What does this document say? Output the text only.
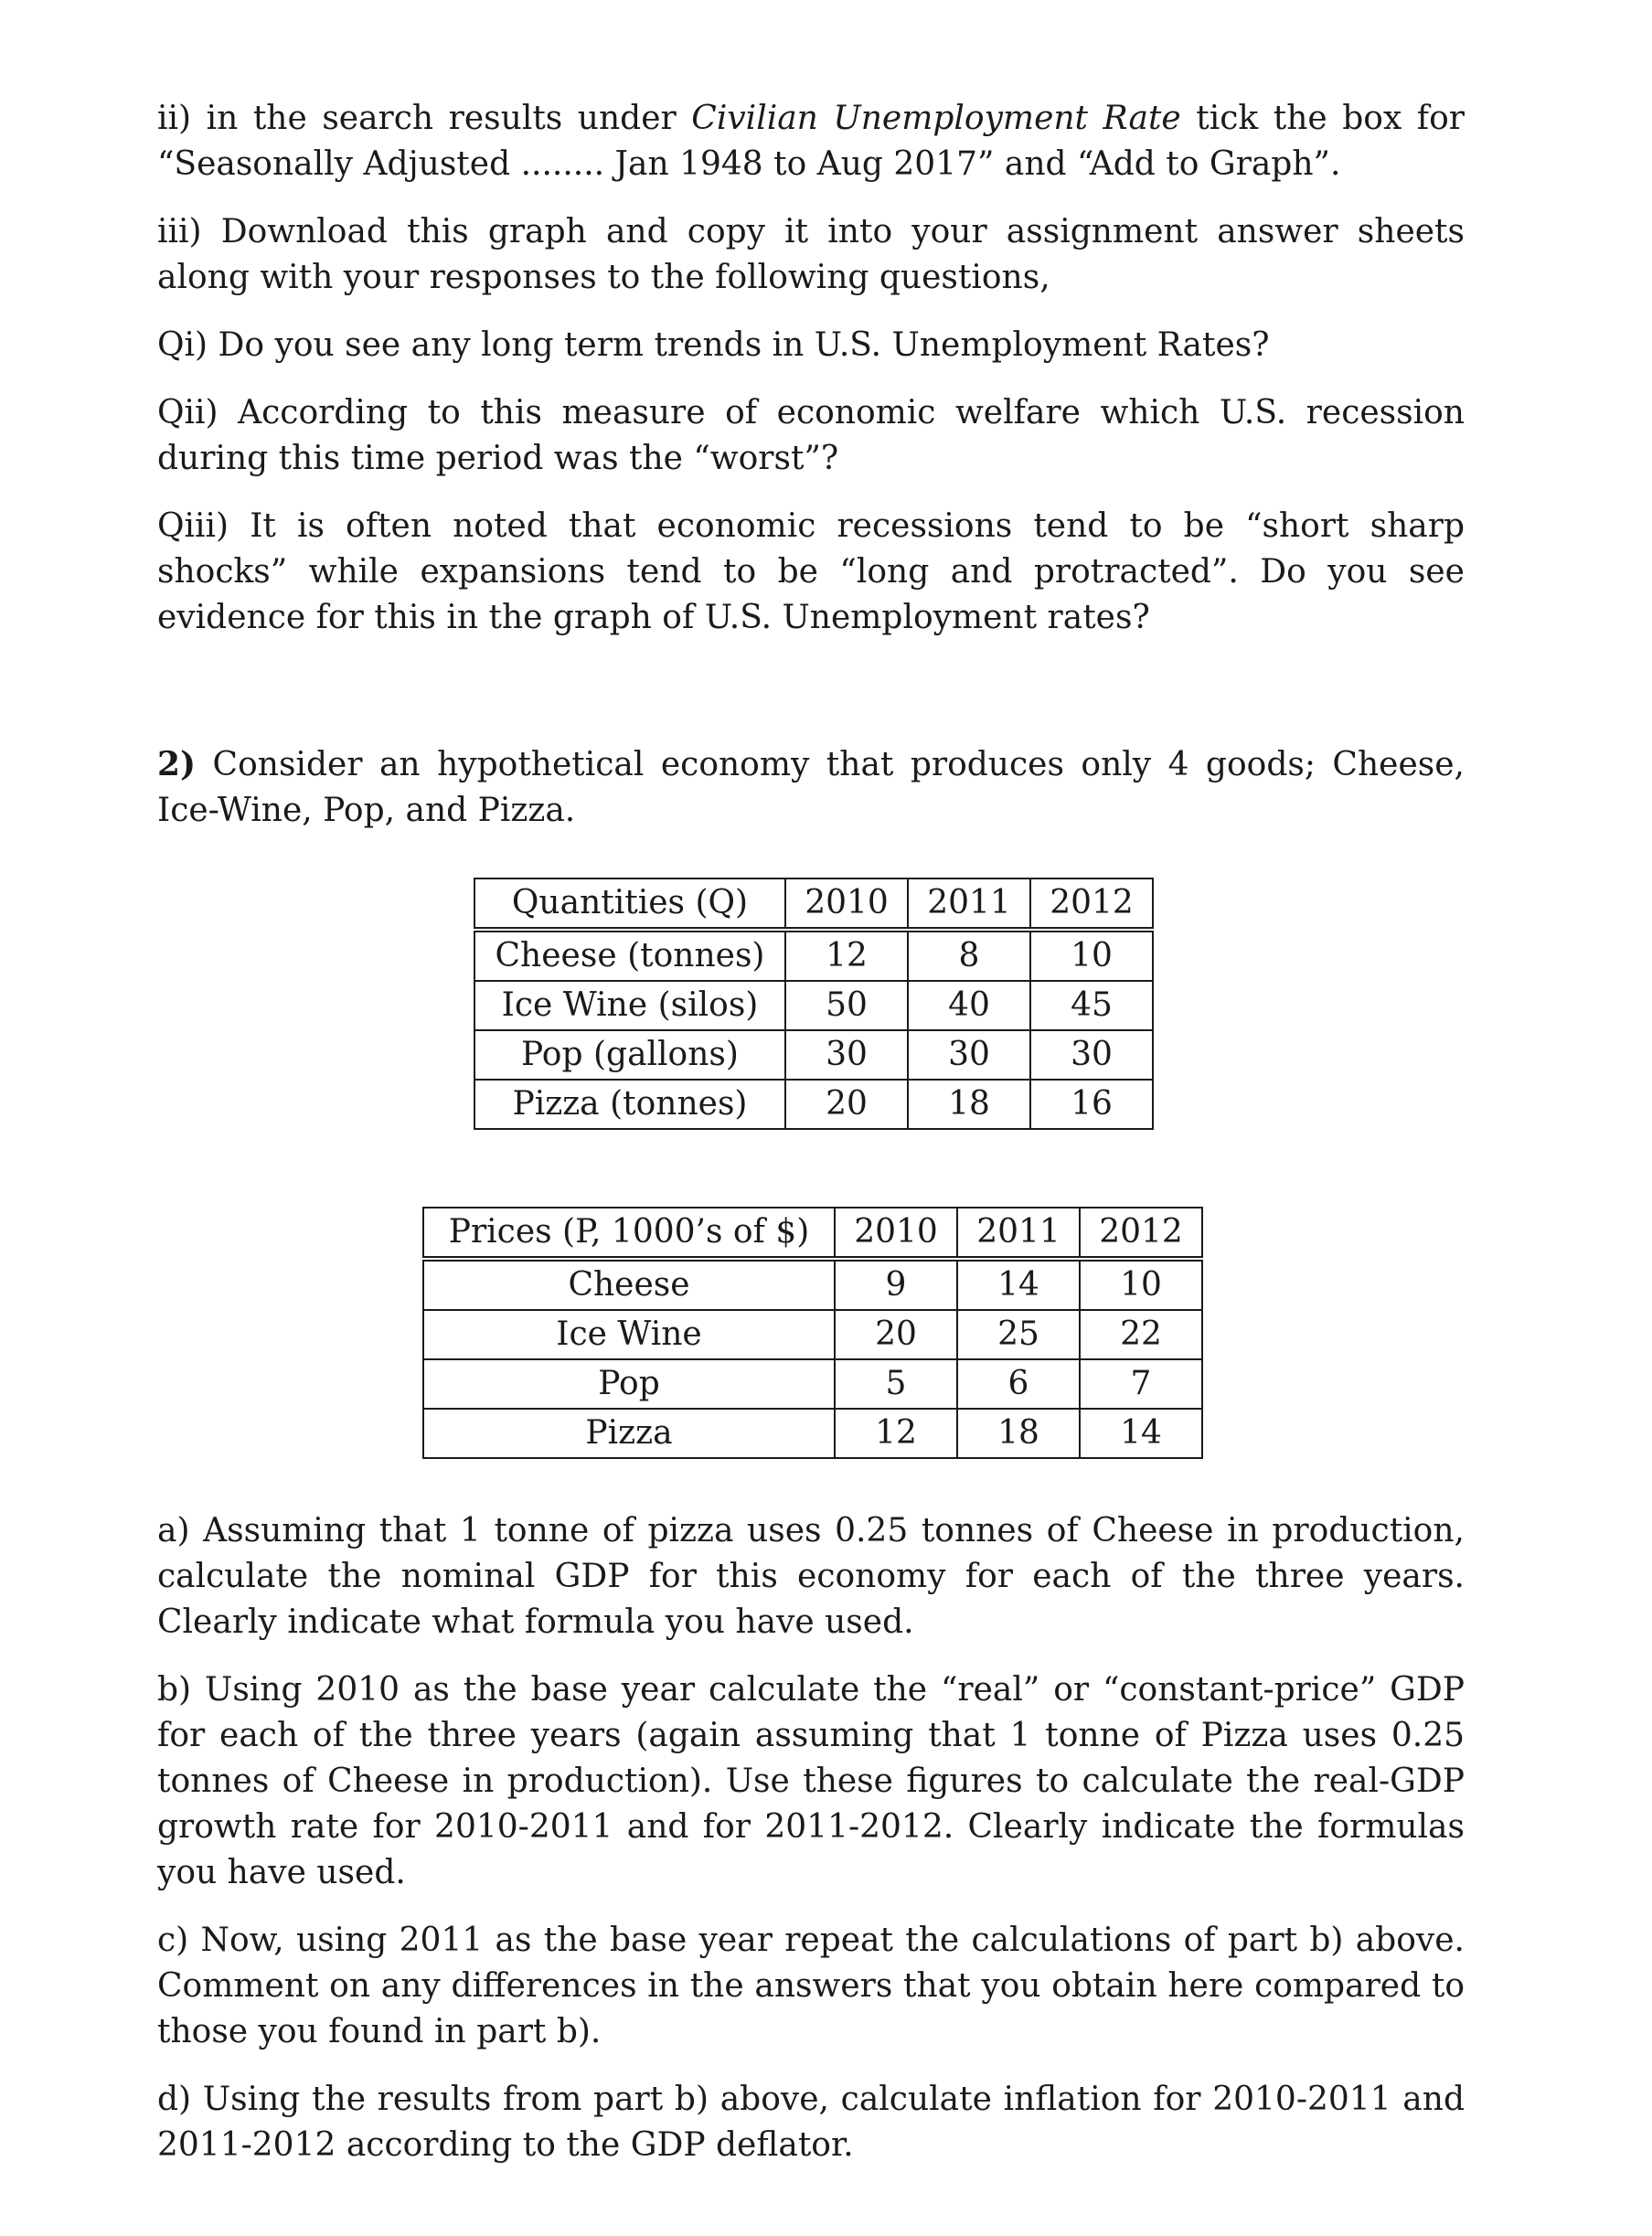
ii) in the search results under Civilian Unemployment Rate tick the box for “Seasonally Adjusted ........ Jan 1948 to Aug 2017” and “Add to Graph”.

iii) Download this graph and copy it into your assignment answer sheets along with your responses to the following questions,

Qi) Do you see any long term trends in U.S. Unemployment Rates?

Qii) According to this measure of economic welfare which U.S. recession during this time period was the “worst”?

Qiii) It is often noted that economic recessions tend to be “short sharp shocks” while expansions tend to be “long and protracted”. Do you see evidence for this in the graph of U.S. Unemployment rates?

2) Consider an hypothetical economy that produces only 4 goods; Cheese, Ice-Wine, Pop, and Pizza.

Quantities (Q)	2010	2011	2012
Cheese (tonnes)	12	8	10
Ice Wine (silos)	50	40	45
Pop (gallons)	30	30	30
Pizza (tonnes)	20	18	16
Prices (P, 1000’s of $)	2010	2011	2012
Cheese	9	14	10
Ice Wine	20	25	22
Pop	5	6	7
Pizza	12	18	14

a) Assuming that 1 tonne of pizza uses 0.25 tonnes of Cheese in production, calculate the nominal GDP for this economy for each of the three years. Clearly indicate what formula you have used.

b) Using 2010 as the base year calculate the “real” or “constant-price” GDP for each of the three years (again assuming that 1 tonne of Pizza uses 0.25 tonnes of Cheese in production). Use these figures to calculate the real-GDP growth rate for 2010-2011 and for 2011-2012. Clearly indicate the formulas you have used.

c) Now, using 2011 as the base year repeat the calculations of part b) above. Comment on any differences in the answers that you obtain here compared to those you found in part b).

d) Using the results from part b) above, calculate inflation for 2010-2011 and 2011-2012 according to the GDP deflator.
